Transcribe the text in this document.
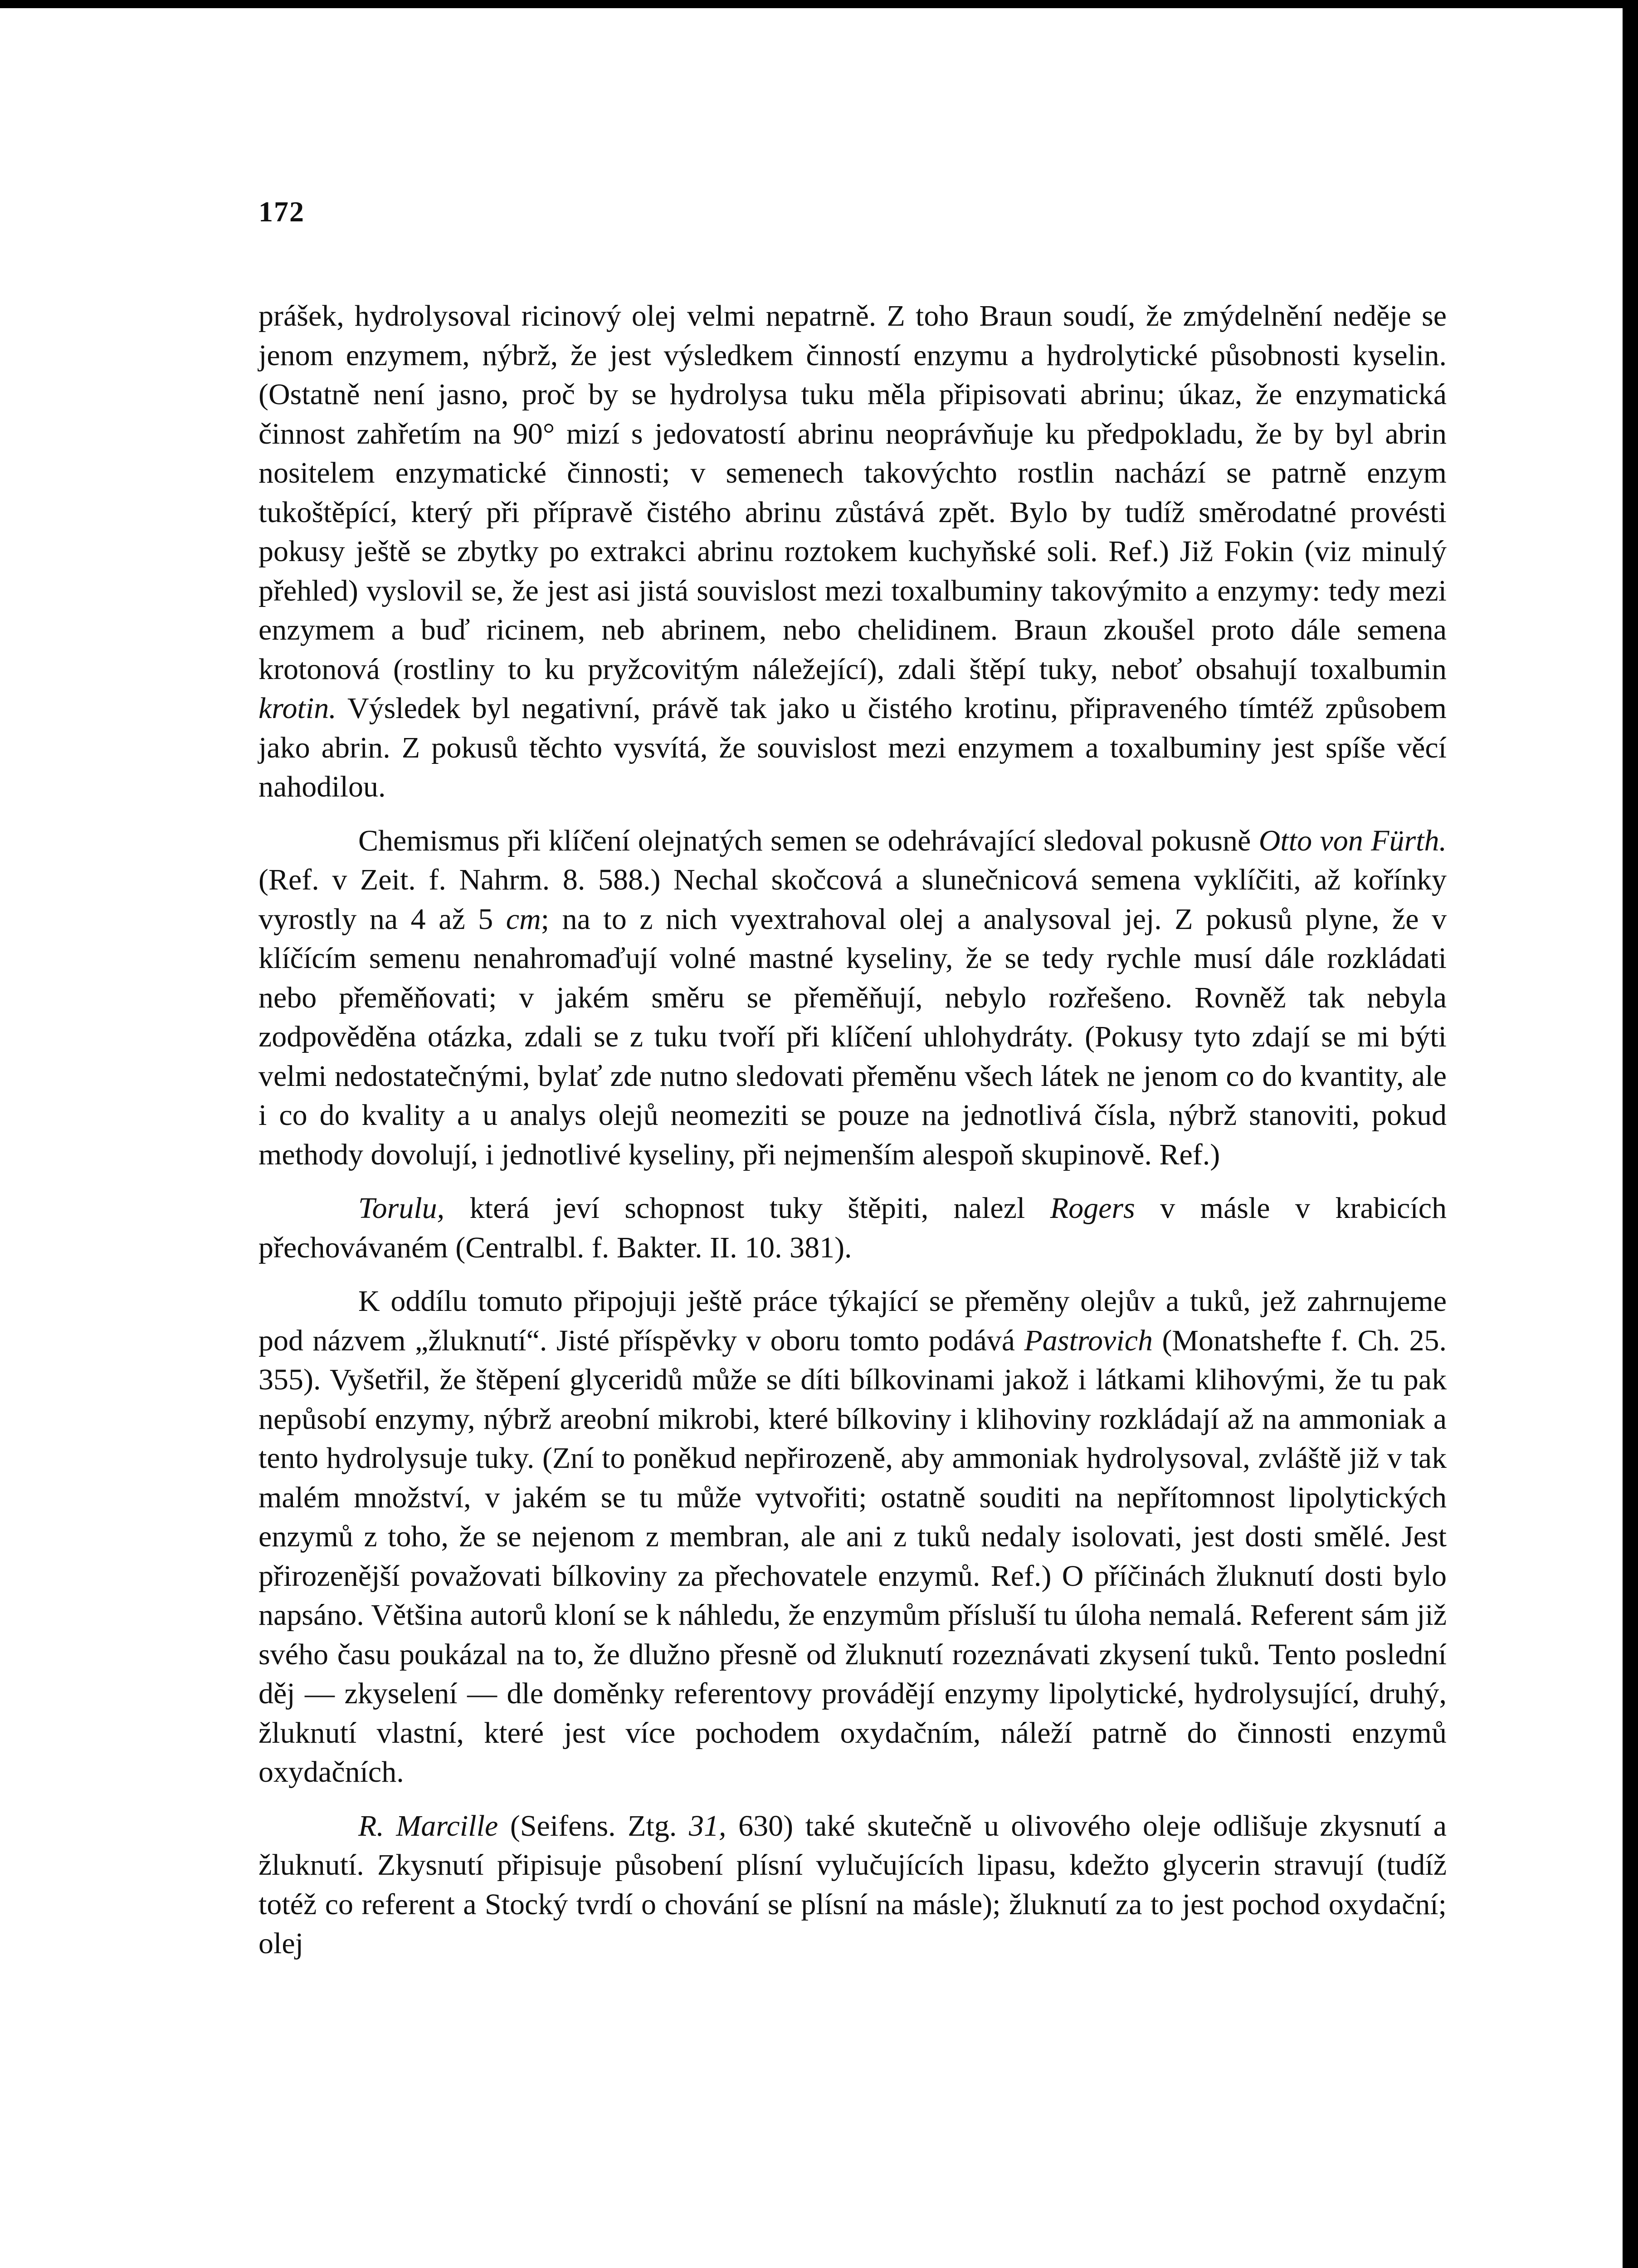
172

prášek, hydrolysoval ricinový olej velmi nepatrně. Z toho Braun soudí, že zmýdelnění neděje se jenom enzymem, nýbrž, že jest výsledkem činností enzymu a hydrolytické působnosti kyselin. (Ostatně není jasno, proč by se hydrolysa tuku měla připisovati abrinu; úkaz, že enzymatická činnost zahřetím na 90° mizí s jedovatostí abrinu neoprávňuje ku předpokladu, že by byl abrin nositelem enzymatické činnosti; v semenech takovýchto rostlin nachází se patrně enzym tukoštěpící, který při přípravě čistého abrinu zůstává zpět. Bylo by tudíž směrodatné provésti pokusy ještě se zbytky po extrakci abrinu roztokem kuchyňské soli. Ref.) Již Fokin (viz minulý přehled) vyslovil se, že jest asi jistá souvislost mezi toxalbuminy takovýmito a enzymy: tedy mezi enzymem a buď ricinem, neb abrinem, nebo chelidinem. Braun zkoušel proto dále semena krotonová (rostliny to ku pryžcovitým náležející), zdali štěpí tuky, neboť obsahují toxalbumin krotin. Výsledek byl negativní, právě tak jako u čistého krotinu, připraveného tímtéž způsobem jako abrin. Z pokusů těchto vysvítá, že souvislost mezi enzymem a toxalbuminy jest spíše věcí nahodilou.

Chemismus při klíčení olejnatých semen se odehrávající sledoval pokusně Otto von Fürth. (Ref. v Zeit. f. Nahrm. 8. 588.) Nechal skočcová a slunečnicová semena vyklíčiti, až kořínky vyrostly na 4 až 5 cm; na to z nich vyextrahoval olej a analysoval jej. Z pokusů plyne, že v klíčícím semenu nenahromaďují volné mastné kyseliny, že se tedy rychle musí dále rozkládati nebo přeměňovati; v jakém směru se přeměňují, nebylo rozřešeno. Rovněž tak nebyla zodpověděna otázka, zdali se z tuku tvoří při klíčení uhlohydráty. (Pokusy tyto zdají se mi býti velmi nedostatečnými, bylať zde nutno sledovati přeměnu všech látek ne jenom co do kvantity, ale i co do kvality a u analys olejů neomeziti se pouze na jednotlivá čísla, nýbrž stanoviti, pokud methody dovolují, i jednotlivé kyseliny, při nejmenším alespoň skupinově. Ref.)

Torulu, která jeví schopnost tuky štěpiti, nalezl Rogers v másle v krabicích přechovávaném (Centralbl. f. Bakter. II. 10. 381).

K oddílu tomuto připojuji ještě práce týkající se přeměny olejův a tuků, jež zahrnujeme pod názvem „žluknutí“. Jisté příspěvky v oboru tomto podává Pastrovich (Monatshefte f. Ch. 25. 355). Vyšetřil, že štěpení glyceridů může se díti bílkovinami jakož i látkami klihovými, že tu pak nepůsobí enzymy, nýbrž areobní mikrobi, které bílkoviny i klihoviny rozkládají až na ammoniak a tento hydrolysuje tuky. (Zní to poněkud nepřirozeně, aby ammoniak hydrolysoval, zvláště již v tak malém množství, v jakém se tu může vytvořiti; ostatně souditi na nepřítomnost lipolytických enzymů z toho, že se nejenom z membran, ale ani z tuků nedaly isolovati, jest dosti smělé. Jest přirozenější považovati bílkoviny za přechovatele enzymů. Ref.) O příčinách žluknutí dosti bylo napsáno. Většina autorů kloní se k náhledu, že enzymům přísluší tu úloha nemalá. Referent sám již svého času poukázal na to, že dlužno přesně od žluknutí rozeznávati zkysení tuků. Tento poslední děj — zkyselení — dle doměnky referentovy provádějí enzymy lipolytické, hydrolysující, druhý, žluknutí vlastní, které jest více pochodem oxydačním, náleží patrně do činnosti enzymů oxydačních.

R. Marcille (Seifens. Ztg. 31, 630) také skutečně u olivového oleje odlišuje zkysnutí a žluknutí. Zkysnutí připisuje působení plísní vylučujících lipasu, kdežto glycerin stravují (tudíž totéž co referent a Stocký tvrdí o chování se plísní na másle); žluknutí za to jest pochod oxydační; olej
